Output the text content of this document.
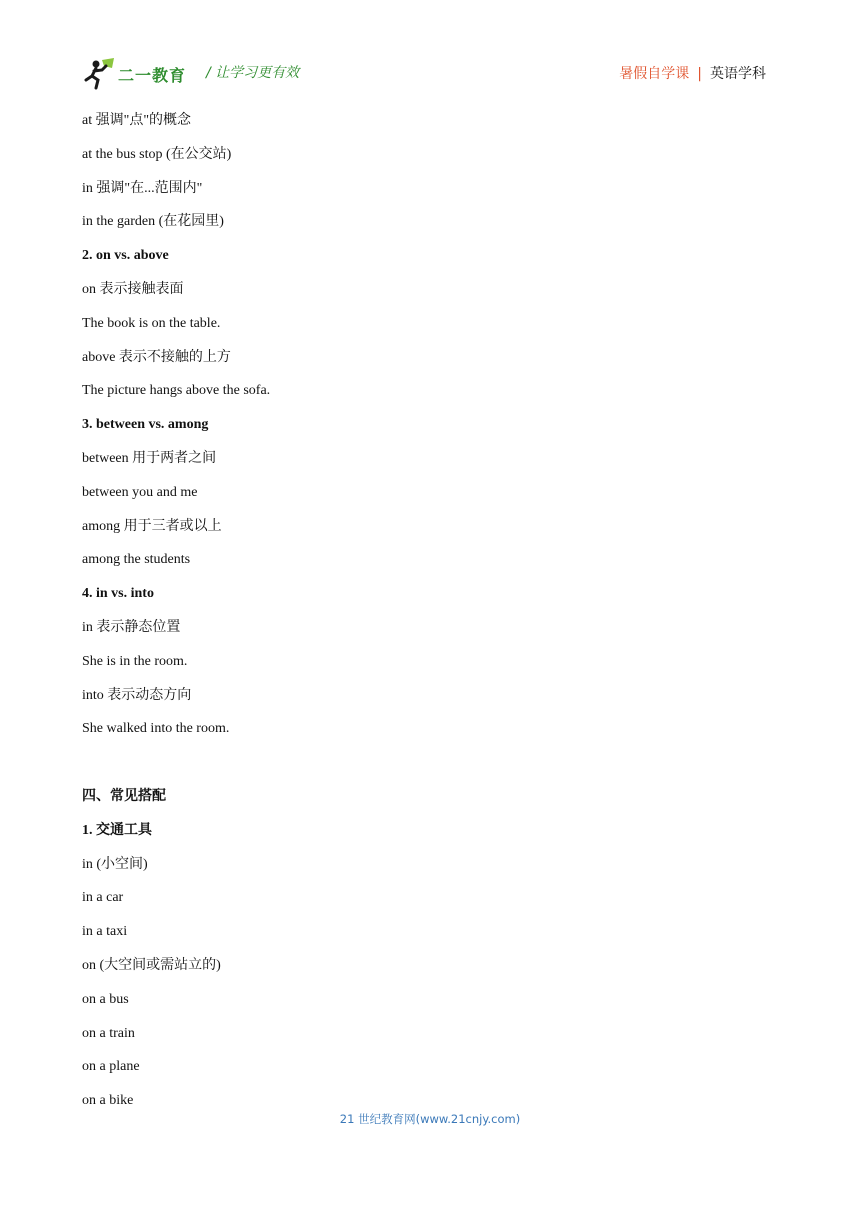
二一教育 / 让学习更有效	暑假自学课 | 英语学科
at 强调"点"的概念
at the bus stop (在公交站)
in 强调"在...范围内"
in the garden (在花园里)
2. on vs. above
on 表示接触表面
The book is on the table.
above 表示不接触的上方
The picture hangs above the sofa.
3. between vs. among
between 用于两者之间
between you and me
among 用于三者或以上
among the students
4. in vs. into
in 表示静态位置
She is in the room.
into 表示动态方向
She walked into the room.
四、常见搭配
1. 交通工具
in (小空间)
in a car
in a taxi
on (大空间或需站立的)
on a bus
on a train
on a plane
on a bike
21 世纪教育网(www.21cnjy.com)
